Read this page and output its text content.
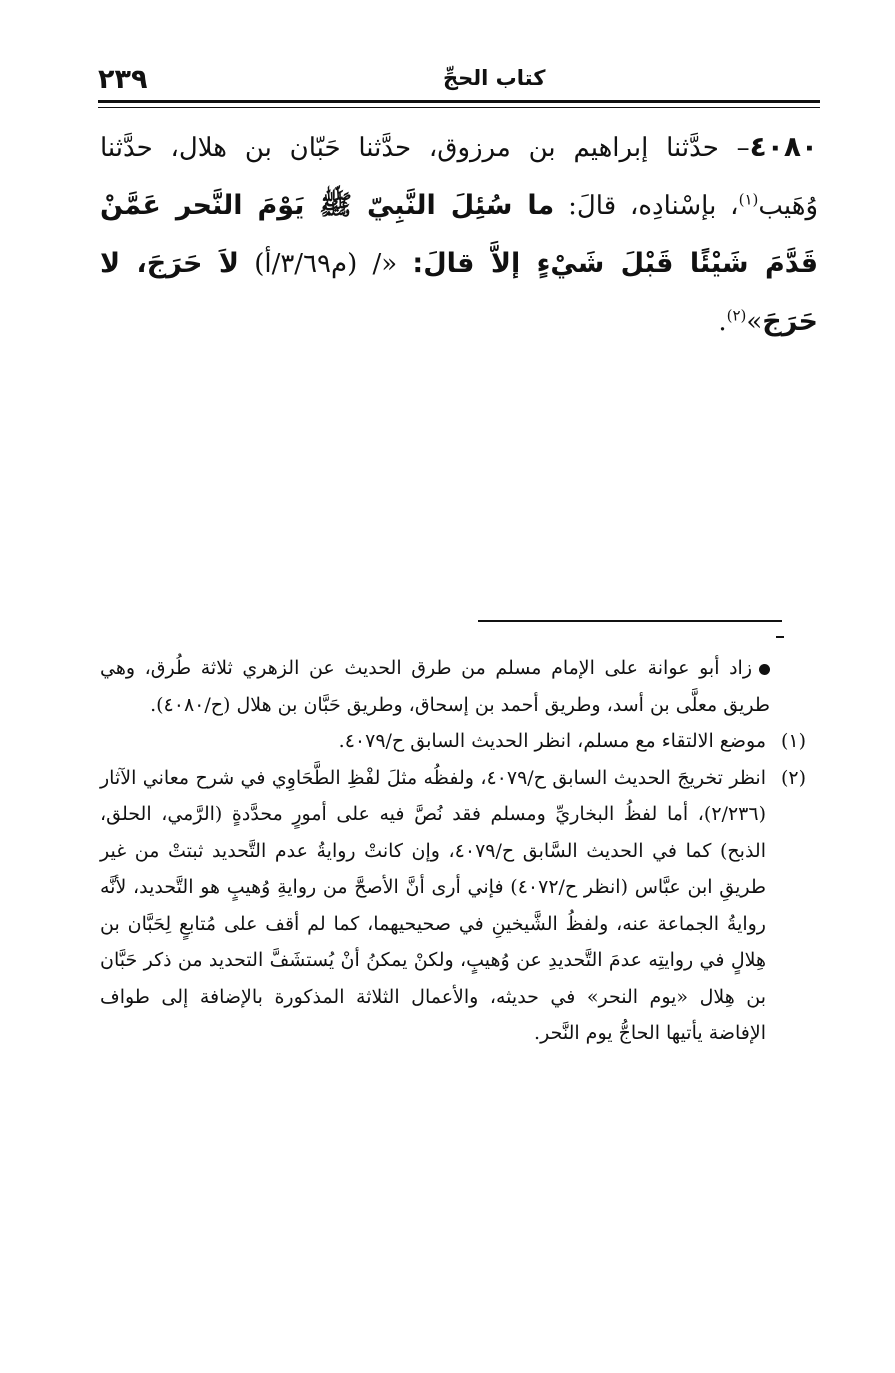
٢٣٩	كتاب الحجِّ
٤٠٨٠– حدَّثنا إبراهيم بن مرزوق، حدَّثنا حَبّان بن هلال، حدَّثنا وُهَيب$^{(١)}$، بإسْنادِه، قالَ: ما سُئِلَ النَّبِيّ ﷺ يَوْمَ النَّحر عَمَّنْ قَدَّمَ شَيْئًا قَبْلَ شَيْءٍ إلاَّ قالَ: «/ (م٣/٦٩/أ) لاَ حَرَجَ، لا حَرَجَ»$^{(٢)}$.
زاد أبو عوانة على الإمام مسلم من طرق الحديث عن الزهري ثلاثة طُرق، وهي طريق معلَّى بن أسد، وطريق أحمد بن إسحاق، وطريق حَبَّان بن هلال (ح/٤٠٨٠).
(١)
موضع الالتقاء مع مسلم، انظر الحديث السابق ح/٤٠٧٩.
(٢)
انظر تخريجَ الحديث السابق ح/٤٠٧٩، ولفظُه مثلَ لفْظِ الطَّحَاوِي في شرح معاني الآثار (٢/٢٣٦)، أما لفظُ البخاريِّ ومسلم فقد نُصَّ فيه على أمورٍ محدَّدةٍ (الرَّمي، الحلق، الذبح) كما في الحديث السَّابق ح/٤٠٧٩، وإن كانتْ روايةُ عدم التَّحديد ثبتتْ من غير طريقِ ابن عبَّاس (انظر ح/٤٠٧٢) فإني أرى أنَّ الأصحَّ من روايةِ وُهيبٍ هو التَّحديد، لأنَّه روايةُ الجماعة عنه، ولفظُ الشَّيخينِ في صحيحيهما، كما لم أقف على مُتابعٍ لِحَبَّان بن هِلالٍ في روايتِه عدمَ التَّحديدِ عن وُهيبٍ، ولكنْ يمكنُ أنْ يُستشَفَّ التحديد من ذكر حَبَّان بن هِلال «يوم النحر» في حديثه، والأعمال الثلاثة المذكورة بالإضافة إلى طواف الإفاضة يأتيها الحاجُّ يوم النَّحر.
